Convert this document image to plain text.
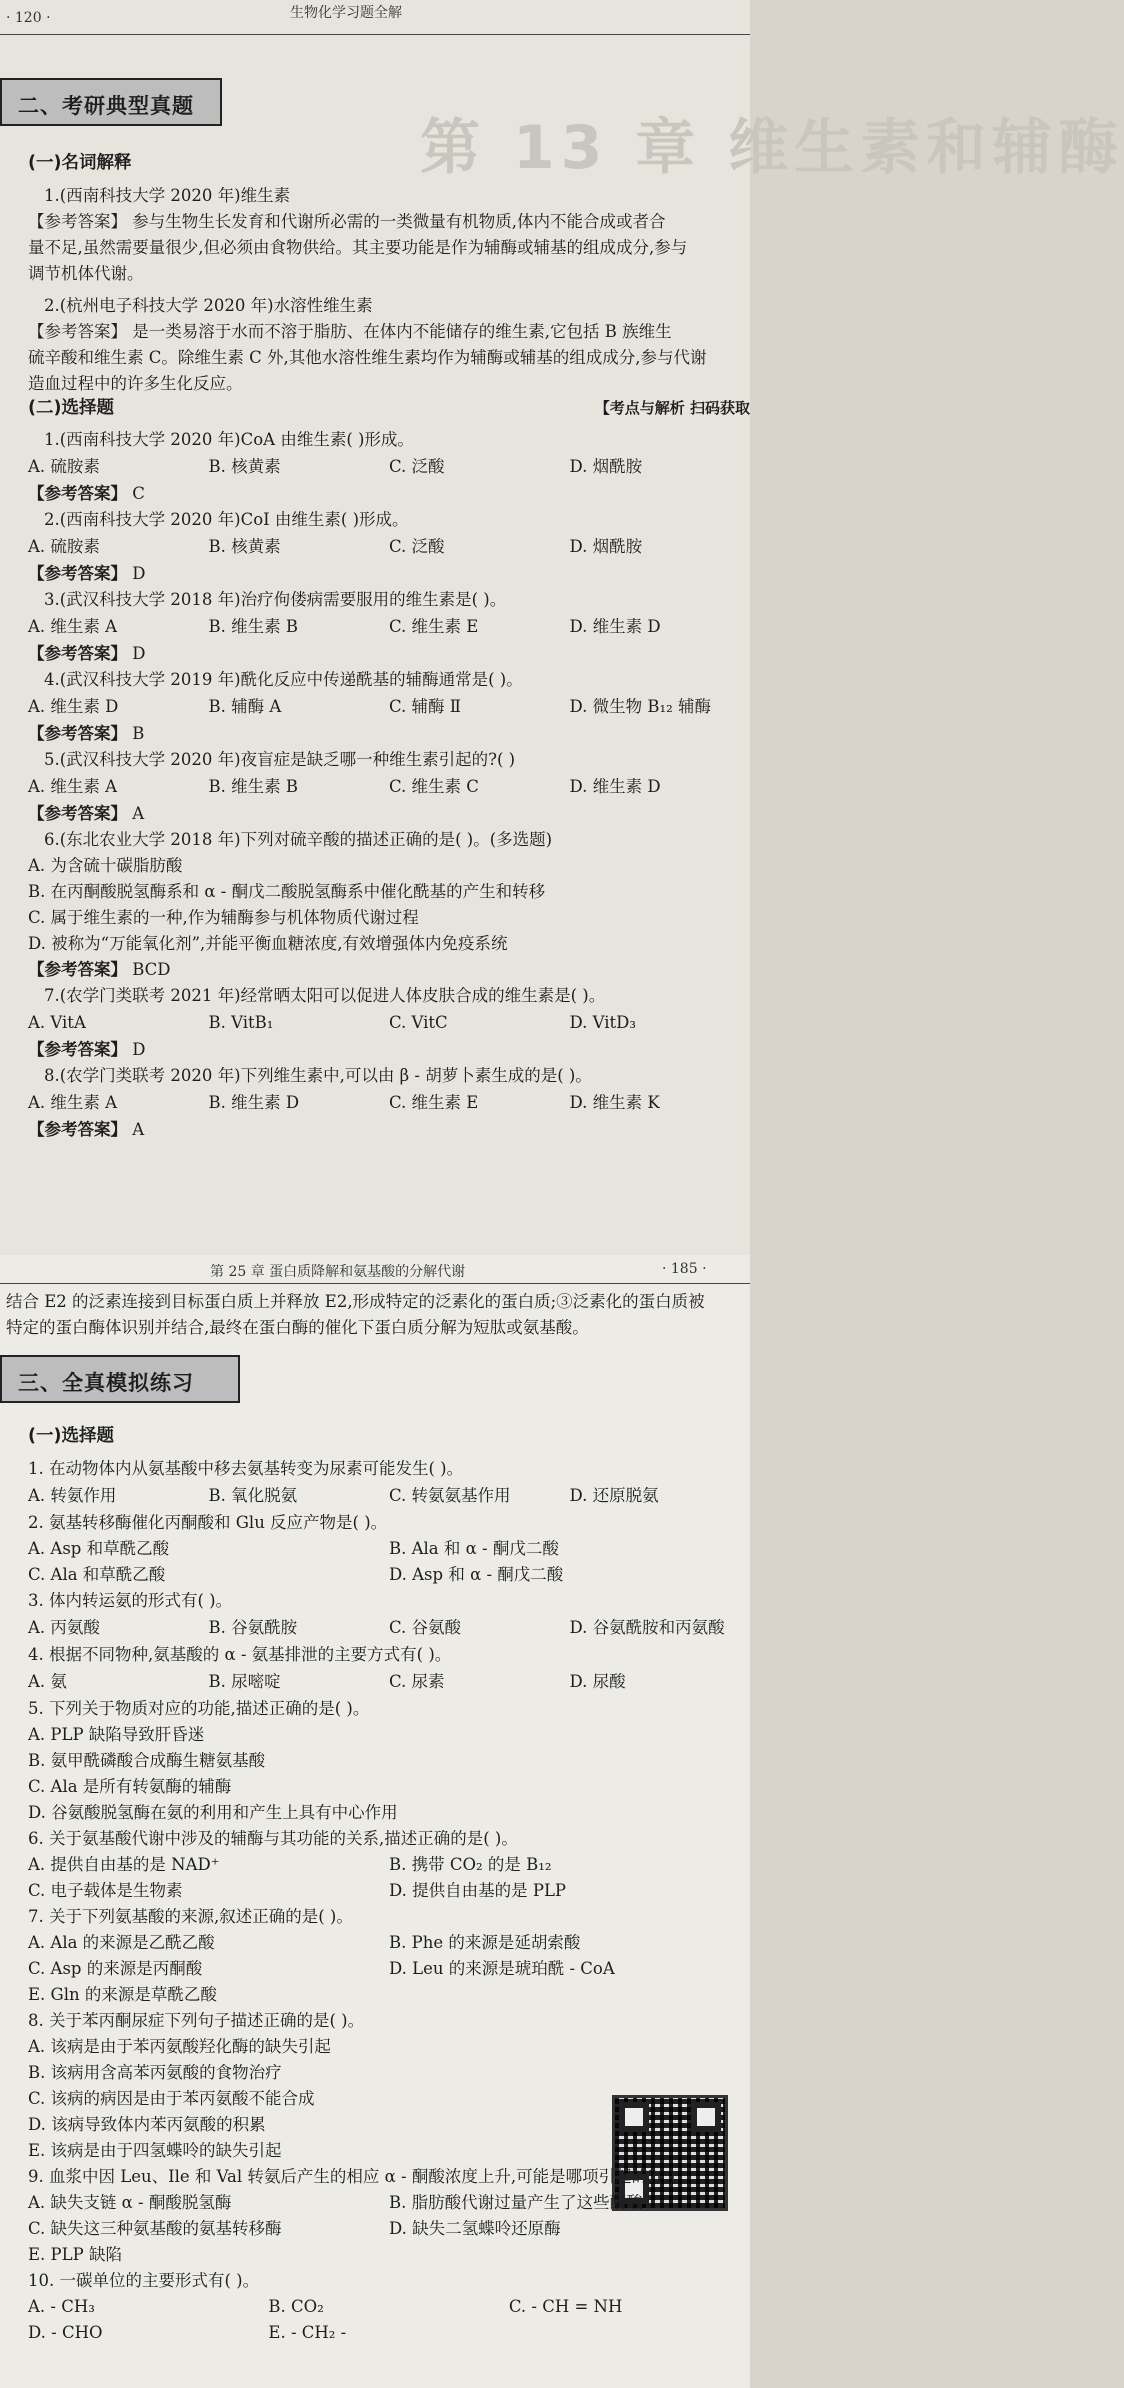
· 120 ·	生物化学习题全解
第 13 章 维生素和辅酶
二、考研典型真题
(一)名词解释
1.(西南科技大学 2020 年)维生素
【参考答案】 参与生物生长发育和代谢所必需的一类微量有机物质,体内不能合成或者合
量不足,虽然需要量很少,但必须由食物供给。其主要功能是作为辅酶或辅基的组成成分,参与
调节机体代谢。
2.(杭州电子科技大学 2020 年)水溶性维生素
【参考答案】 是一类易溶于水而不溶于脂肪、在体内不能储存的维生素,它包括 B 族维生
硫辛酸和维生素 C。除维生素 C 外,其他水溶性维生素均作为辅酶或辅基的组成成分,参与代谢
造血过程中的许多生化反应。
(二)选择题	【考点与解析 扫码获取
1.(西南科技大学 2020 年)CoA 由维生素( )形成。
A. 硫胺素	B. 核黄素	C. 泛酸	D. 烟酰胺
【参考答案】 C
2.(西南科技大学 2020 年)CoI 由维生素( )形成。
A. 硫胺素	B. 核黄素	C. 泛酸	D. 烟酰胺
【参考答案】 D
3.(武汉科技大学 2018 年)治疗佝偻病需要服用的维生素是( )。
A. 维生素 A	B. 维生素 B	C. 维生素 E	D. 维生素 D
【参考答案】 D
4.(武汉科技大学 2019 年)酰化反应中传递酰基的辅酶通常是( )。
A. 维生素 D	B. 辅酶 A	C. 辅酶 Ⅱ	D. 微生物 B₁₂ 辅酶
【参考答案】 B
5.(武汉科技大学 2020 年)夜盲症是缺乏哪一种维生素引起的?( )
A. 维生素 A	B. 维生素 B	C. 维生素 C	D. 维生素 D
【参考答案】 A
6.(东北农业大学 2018 年)下列对硫辛酸的描述正确的是( )。(多选题)
A. 为含硫十碳脂肪酸
B. 在丙酮酸脱氢酶系和 α - 酮戊二酸脱氢酶系中催化酰基的产生和转移
C. 属于维生素的一种,作为辅酶参与机体物质代谢过程
D. 被称为“万能氧化剂”,并能平衡血糖浓度,有效增强体内免疫系统
【参考答案】 BCD
7.(农学门类联考 2021 年)经常晒太阳可以促进人体皮肤合成的维生素是( )。
A. VitA	B. VitB₁	C. VitC	D. VitD₃
【参考答案】 D
8.(农学门类联考 2020 年)下列维生素中,可以由 β - 胡萝卜素生成的是( )。
A. 维生素 A	B. 维生素 D	C. 维生素 E	D. 维生素 K
【参考答案】 A
第 25 章 蛋白质降解和氨基酸的分解代谢	· 185 ·
结合 E2 的泛素连接到目标蛋白质上并释放 E2,形成特定的泛素化的蛋白质;③泛素化的蛋白质被
特定的蛋白酶体识别并结合,最终在蛋白酶的催化下蛋白质分解为短肽或氨基酸。
三、全真模拟练习
(一)选择题
1. 在动物体内从氨基酸中移去氨基转变为尿素可能发生( )。
A. 转氨作用	B. 氧化脱氨	C. 转氨氨基作用	D. 还原脱氨
2. 氨基转移酶催化丙酮酸和 Glu 反应产物是( )。
A. Asp 和草酰乙酸	B. Ala 和 α - 酮戊二酸
C. Ala 和草酰乙酸	D. Asp 和 α - 酮戊二酸
3. 体内转运氨的形式有( )。
A. 丙氨酸	B. 谷氨酰胺	C. 谷氨酸	D. 谷氨酰胺和丙氨酸
4. 根据不同物种,氨基酸的 α - 氨基排泄的主要方式有( )。
A. 氨	B. 尿嘧啶	C. 尿素	D. 尿酸
5. 下列关于物质对应的功能,描述正确的是( )。
A. PLP 缺陷导致肝昏迷
B. 氨甲酰磷酸合成酶生糖氨基酸
C. Ala 是所有转氨酶的辅酶
D. 谷氨酸脱氢酶在氨的利用和产生上具有中心作用
6. 关于氨基酸代谢中涉及的辅酶与其功能的关系,描述正确的是( )。
A. 提供自由基的是 NAD⁺	B. 携带 CO₂ 的是 B₁₂
C. 电子载体是生物素	D. 提供自由基的是 PLP
7. 关于下列氨基酸的来源,叙述正确的是( )。
A. Ala 的来源是乙酰乙酸	B. Phe 的来源是延胡索酸
C. Asp 的来源是丙酮酸	D. Leu 的来源是琥珀酰 - CoA
E. Gln 的来源是草酰乙酸
8. 关于苯丙酮尿症下列句子描述正确的是( )。
A. 该病是由于苯丙氨酸羟化酶的缺失引起
B. 该病用含高苯丙氨酸的食物治疗
C. 该病的病因是由于苯丙氨酸不能合成
D. 该病导致体内苯丙氨酸的积累
E. 该病是由于四氢蝶呤的缺失引起
9. 血浆中因 Leu、Ile 和 Val 转氨后产生的相应 α - 酮酸浓度上升,可能是哪项引起的?( )
A. 缺失支链 α - 酮酸脱氢酶	B. 脂肪酸代谢过量产生了这些酮酸
C. 缺失这三种氨基酸的氨基转移酶	D. 缺失二氢蝶呤还原酶
E. PLP 缺陷
10. 一碳单位的主要形式有( )。
A. - CH₃	B. CO₂	C. - CH = NH
D. - CHO	E. - CH₂ -
